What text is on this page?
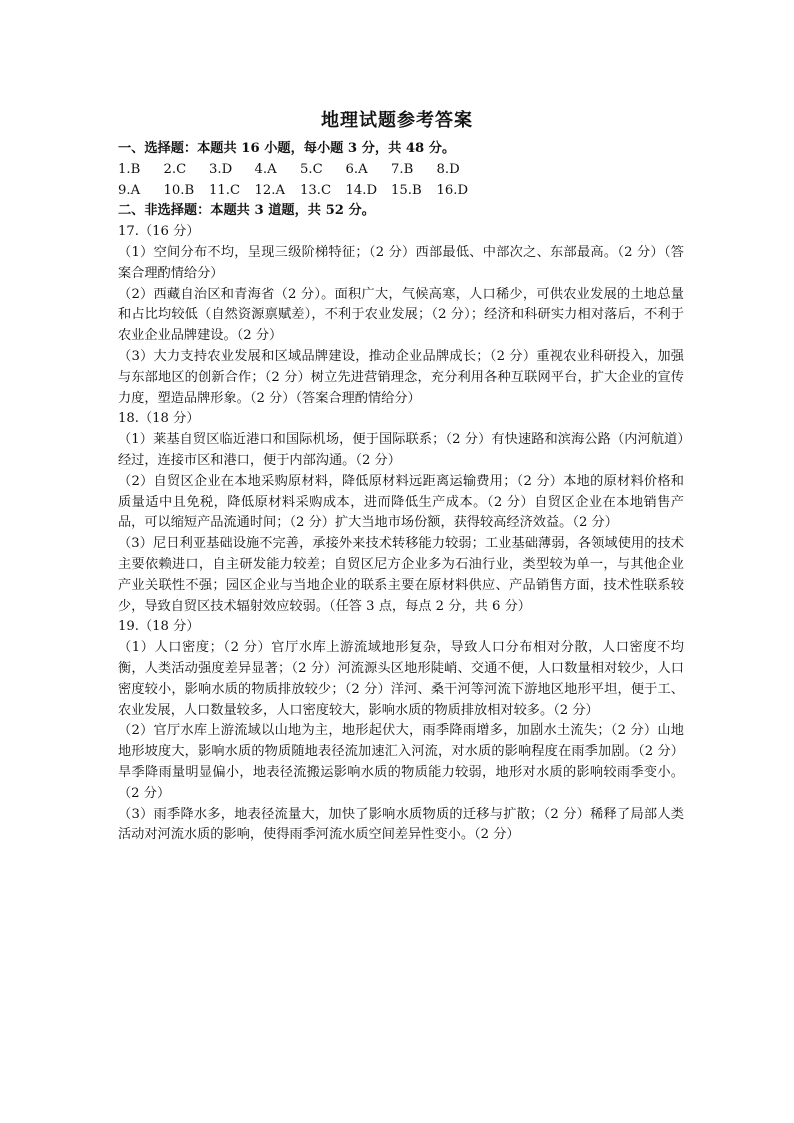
地理试题参考答案

一、选择题：本题共 16 小题，每小题 3 分，共 48 分。

1.B	2.C	3.D	4.A	5.C	6.A	7.B	8.D

9.A	10.B	11.C	12.A	13.C	14.D	15.B	16.D

二、非选择题：本题共 3 道题，共 52 分。

17.（16 分）

（1）空间分布不均，呈现三级阶梯特征；（2 分）西部最低、中部次之、东部最高。（2 分）（答案合理酌情给分）

（2）西藏自治区和青海省（2 分）。面积广大，气候高寒，人口稀少，可供农业发展的土地总量和占比均较低（自然资源禀赋差），不利于农业发展；（2 分）；经济和科研实力相对落后，不利于农业企业品牌建设。（2 分）

（3）大力支持农业发展和区域品牌建设，推动企业品牌成长；（2 分）重视农业科研投入，加强与东部地区的创新合作；（2 分）树立先进营销理念，充分利用各种互联网平台，扩大企业的宣传力度，塑造品牌形象。（2 分）（答案合理酌情给分）

18.（18 分）

（1）莱基自贸区临近港口和国际机场，便于国际联系；（2 分）有快速路和滨海公路（内河航道）经过，连接市区和港口，便于内部沟通。（2 分）

（2）自贸区企业在本地采购原材料，降低原材料远距离运输费用；（2 分）本地的原材料价格和质量适中且免税，降低原材料采购成本，进而降低生产成本。（2 分）自贸区企业在本地销售产品，可以缩短产品流通时间；（2 分）扩大当地市场份额，获得较高经济效益。（2 分）

（3）尼日利亚基础设施不完善，承接外来技术转移能力较弱；工业基础薄弱，各领域使用的技术主要依赖进口，自主研发能力较差；自贸区尼方企业多为石油行业，类型较为单一，与其他企业产业关联性不强；园区企业与当地企业的联系主要在原材料供应、产品销售方面，技术性联系较少，导致自贸区技术辐射效应较弱。（任答 3 点，每点 2 分，共 6 分）

19.（18 分）

（1）人口密度；（2 分）官厅水库上游流域地形复杂，导致人口分布相对分散，人口密度不均衡，人类活动强度差异显著；（2 分）河流源头区地形陡峭、交通不便，人口数量相对较少，人口密度较小，影响水质的物质排放较少；（2 分）洋河、桑干河等河流下游地区地形平坦，便于工、农业发展，人口数量较多，人口密度较大，影响水质的物质排放相对较多。（2 分）

（2）官厅水库上游流域以山地为主，地形起伏大，雨季降雨增多，加剧水土流失；（2 分）山地地形坡度大，影响水质的物质随地表径流加速汇入河流，对水质的影响程度在雨季加剧。（2 分）旱季降雨量明显偏小，地表径流搬运影响水质的物质能力较弱，地形对水质的影响较雨季变小。（2 分）

（3）雨季降水多，地表径流量大，加快了影响水质物质的迁移与扩散；（2 分）稀释了局部人类活动对河流水质的影响，使得雨季河流水质空间差异性变小。（2 分）
